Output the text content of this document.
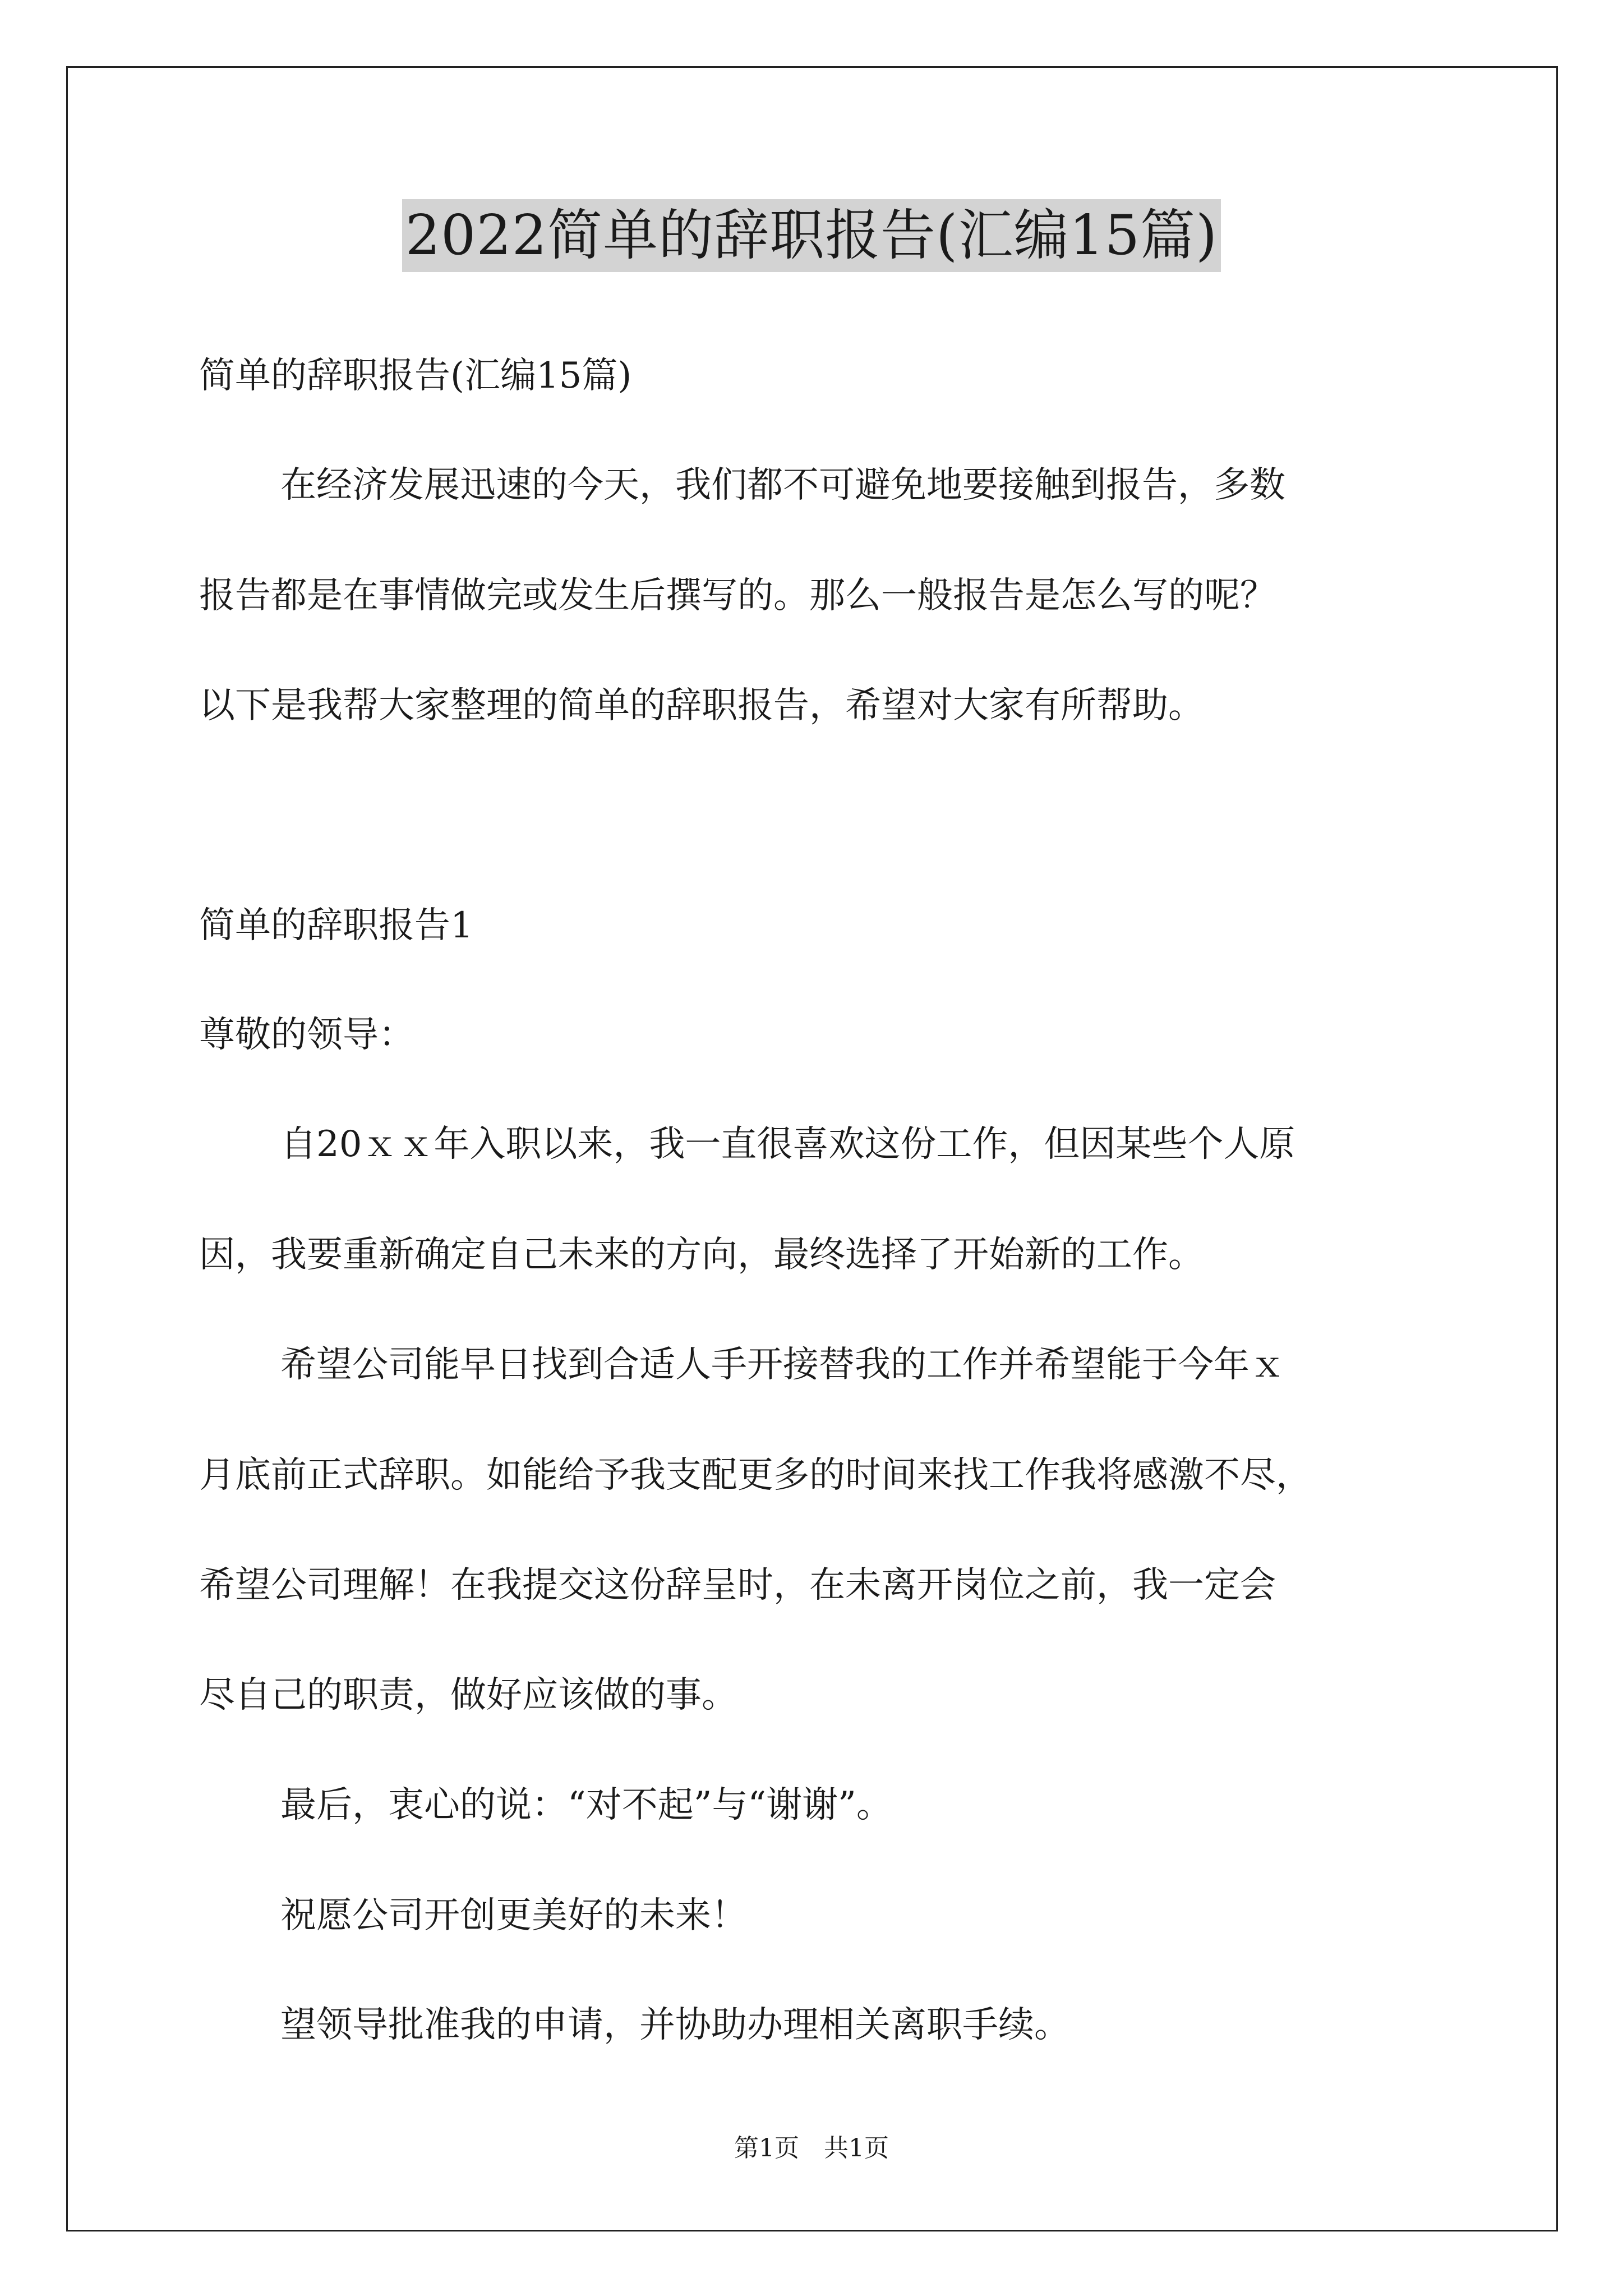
2022简单的辞职报告(汇编15篇)
简单的辞职报告(汇编15篇)
在经济发展迅速的今天，我们都不可避免地要接触到报告，多数
报告都是在事情做完或发生后撰写的。那么一般报告是怎么写的呢？
以下是我帮大家整理的简单的辞职报告，希望对大家有所帮助。
简单的辞职报告1
尊敬的领导：
自20ｘｘ年入职以来，我一直很喜欢这份工作，但因某些个人原
因，我要重新确定自己未来的方向，最终选择了开始新的工作。
希望公司能早日找到合适人手开接替我的工作并希望能于今年ｘ
月底前正式辞职。如能给予我支配更多的时间来找工作我将感激不尽，
希望公司理解！在我提交这份辞呈时，在未离开岗位之前，我一定会
尽自己的职责，做好应该做的事。
最后，衷心的说：“对不起”与“谢谢”。
祝愿公司开创更美好的未来！
望领导批准我的申请，并协助办理相关离职手续。
第1页　共1页
